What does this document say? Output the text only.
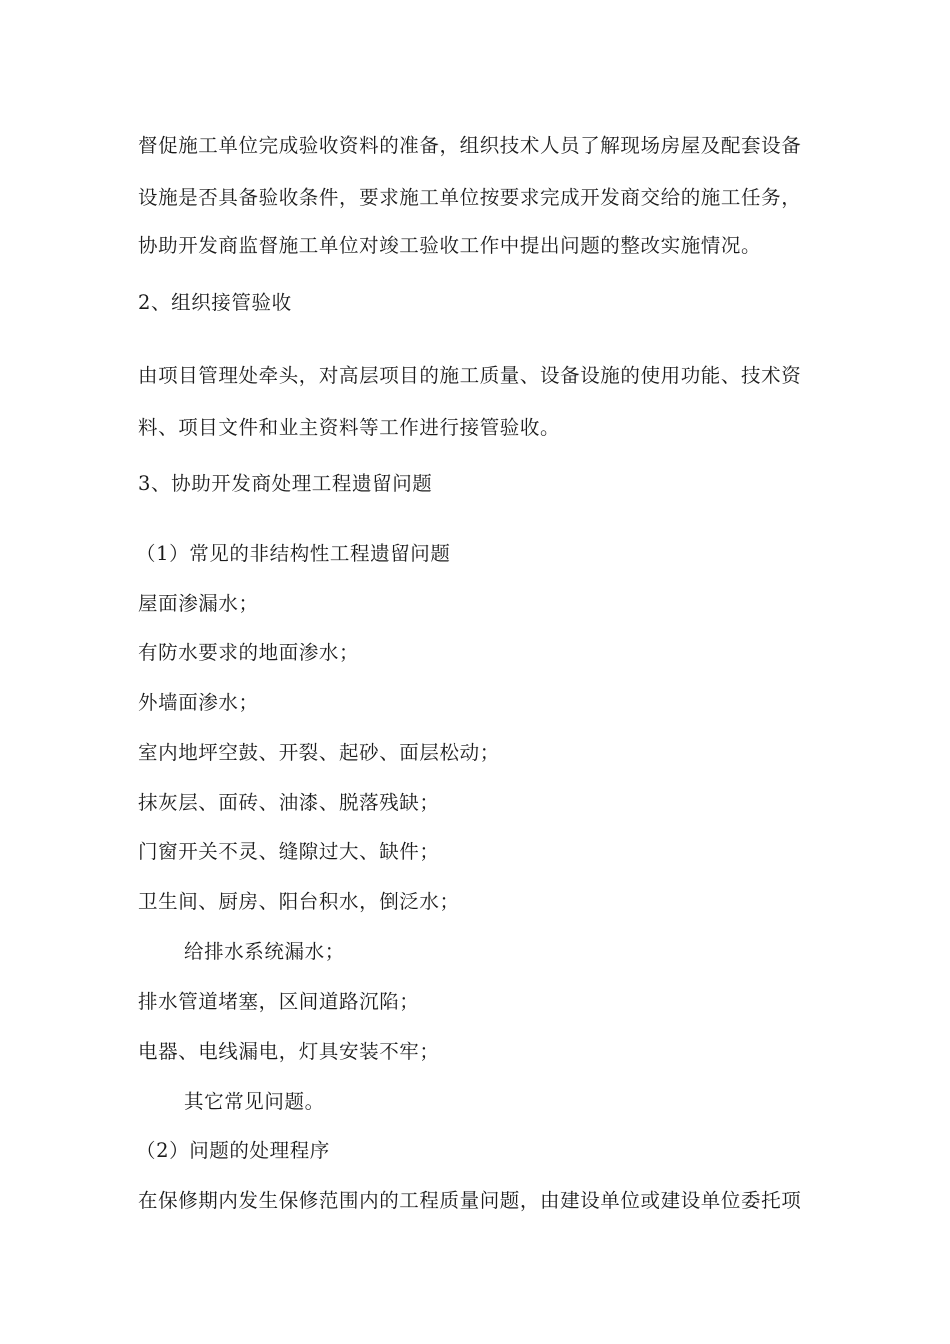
督促施工单位完成验收资料的准备，组织技术人员了解现场房屋及配套设备
设施是否具备验收条件，要求施工单位按要求完成开发商交给的施工任务，
协助开发商监督施工单位对竣工验收工作中提出问题的整改实施情况。
2、组织接管验收
由项目管理处牵头，对高层项目的施工质量、设备设施的使用功能、技术资
料、项目文件和业主资料等工作进行接管验收。
3、协助开发商处理工程遗留问题
（1）常见的非结构性工程遗留问题
屋面渗漏水；
有防水要求的地面渗水；
外墙面渗水；
室内地坪空鼓、开裂、起砂、面层松动；
抹灰层、面砖、油漆、脱落残缺；
门窗开关不灵、缝隙过大、缺件；
卫生间、厨房、阳台积水，倒泛水；
给排水系统漏水；
排水管道堵塞，区间道路沉陷；
电器、电线漏电，灯具安装不牢；
其它常见问题。
（2）问题的处理程序
在保修期内发生保修范围内的工程质量问题，由建设单位或建设单位委托项
